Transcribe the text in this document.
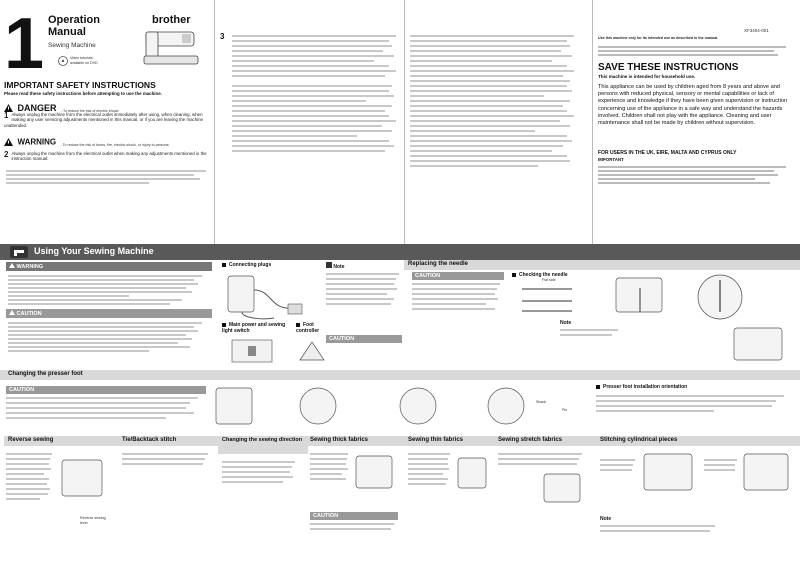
1 Operation
Manual
Sewing Machine
brother
Video tutorials
available on DVD
IMPORTANT SAFETY INSTRUCTIONS
Please read these safety instructions before attempting to use the machine.
DANGER - To reduce the risk of electric shock:
1 Always unplug the machine from the electrical outlet immediately after using, when cleaning, when making any user servicing adjustments mentioned in this manual, or if you are leaving the machine unattended.
WARNING - To reduce the risk of burns, fire, electric shock, or injury to persons:
2 Always unplug the machine from the electrical outlet when making any adjustments mentioned in the instruction manual:
3
XF3404-001
Use this machine only for its intended use as described in the manual.
SAVE THESE INSTRUCTIONS
This machine is intended for household use.
This appliance can be used by children aged from 8 years and above and persons with reduced physical, sensory or mental capabilities or lack of experience and knowledge if they have been given supervision or instruction concerning use of the appliance in a safe way and understand the hazards involved. Children shall not play with the appliance. Cleaning and user maintenance shall not be made by children without supervision.
FOR USERS IN THE UK, EIRE, MALTA AND CYPRUS ONLY
IMPORTANT
Using Your Sewing Machine
WARNING
CAUTION
Connecting plugs
Main power and sewing light switch
Foot controller
Note
CAUTION
Replacing the needle
CAUTION	Checking the needle
Flat side
Note
Changing the presser foot
CAUTION
Shank
Pin
Presser foot installation orientation
Reverse sewing	Tie/Backtack stitch	Changing the sewing direction	Sewing thick fabrics	Sewing thin fabrics	Sewing stretch fabrics	Stitching cylindrical pieces
Reverse sewing lever
CAUTION	Note
